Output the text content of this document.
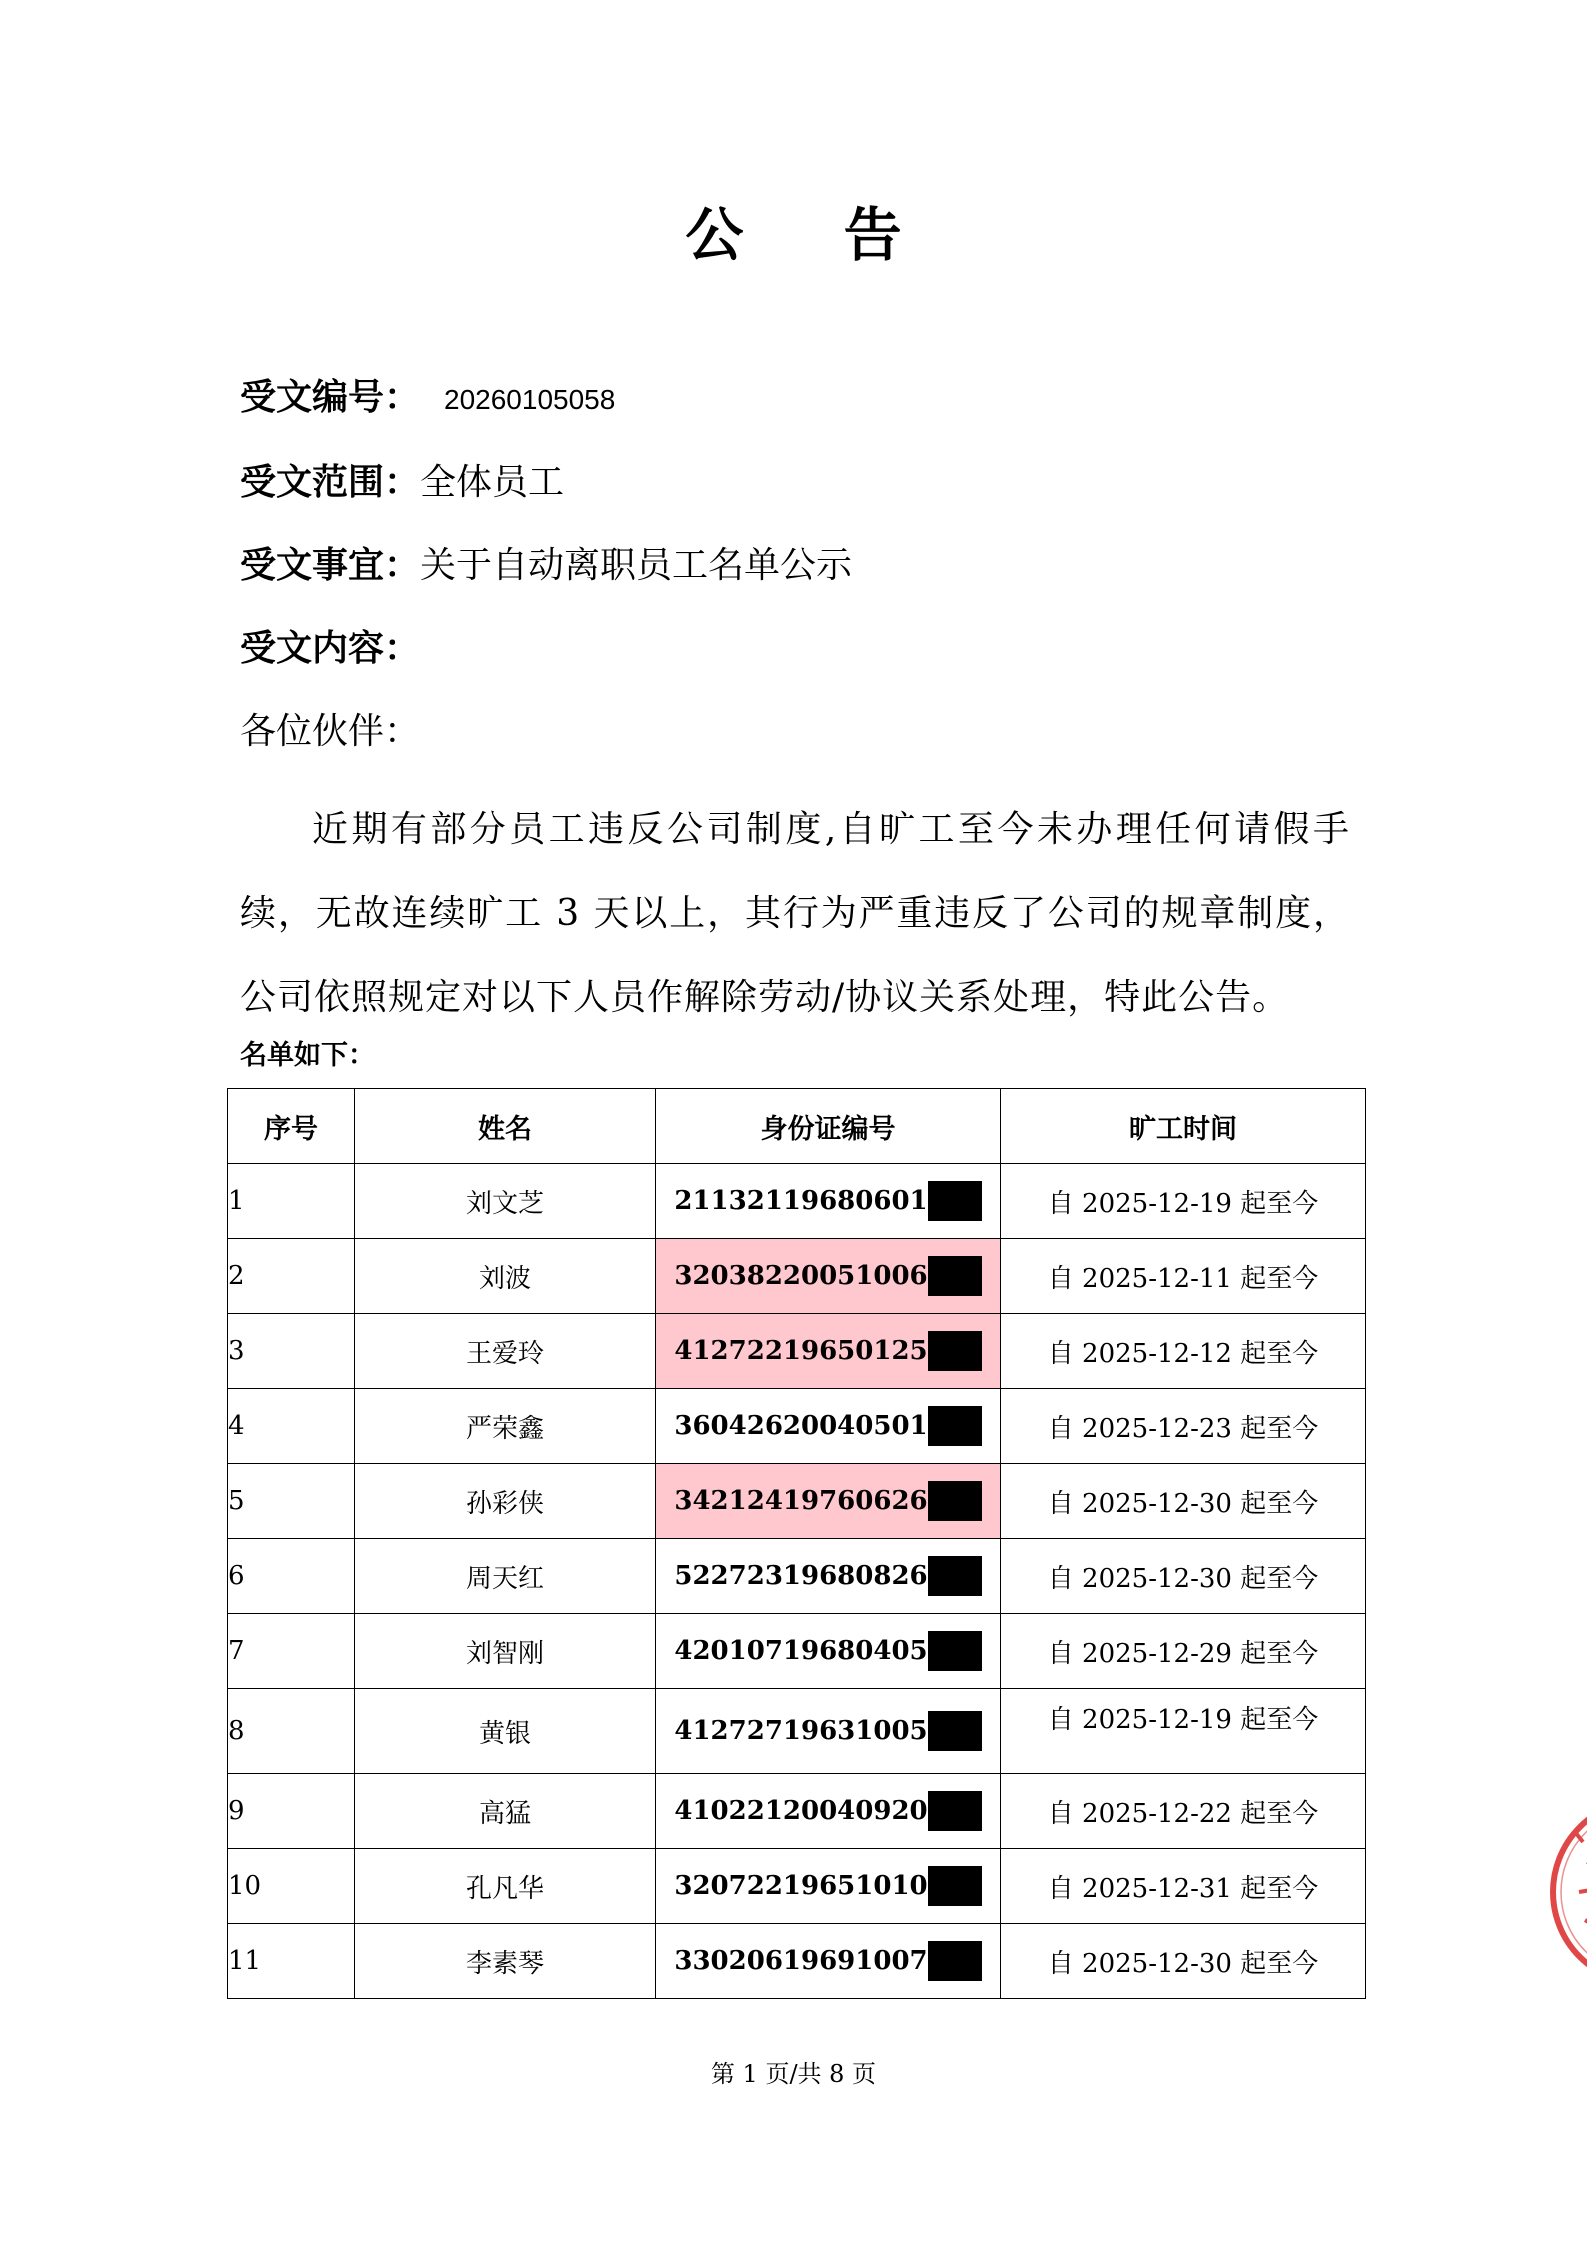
公 告
受文编号： 20260105058
受文范围：全体员工
受文事宜：关于自动离职员工名单公示
受文内容：
各位伙伴：
近期有部分员工违反公司制度,自旷工至今未办理任何请假手续，无故连续旷工 3 天以上，其行为严重违反了公司的规章制度，公司依照规定对以下人员作解除劳动/协议关系处理，特此公告。
名单如下：
序号	姓名	身份证编号	旷工时间
1	刘文芝	21132119680601	自 2025-12-19 起至今
2	刘波	32038220051006	自 2025-12-11 起至今
3	王爱玲	41272219650125	自 2025-12-12 起至今
4	严荣鑫	36042620040501	自 2025-12-23 起至今
5	孙彩侠	34212419760626	自 2025-12-30 起至今
6	周天红	52272319680826	自 2025-12-30 起至今
7	刘智刚	42010719680405	自 2025-12-29 起至今
8	黄银	41272719631005	自 2025-12-19 起至今
9	高猛	41022120040920	自 2025-12-22 起至今
10	孔凡华	32072219651010	自 2025-12-31 起至今
11	李素琴	33020619691007	自 2025-12-30 起至今
第 1 页/共 8 页
